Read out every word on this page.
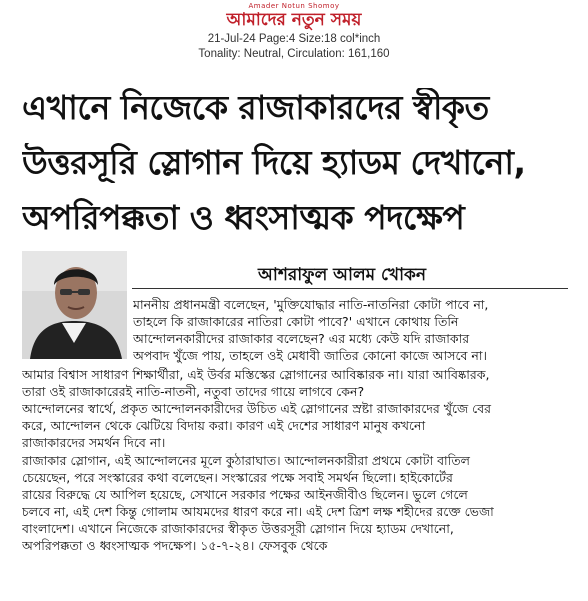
Amader Notun Shomoy
আমাদের নতুন সময়
21-Jul-24 Page:4 Size:18 col*inch
Tonality: Neutral, Circulation: 161,160
এখানে নিজেকে রাজাকারদের স্বীকৃত
উত্তরসূরি স্লোগান দিয়ে হ্যাডম দেখানো,
অপরিপক্কতা ও ধ্বংসাত্মক পদক্ষেপ
আশরাফুল আলম খোকন
মাননীয় প্রধানমন্ত্রী বলেছেন, 'মুক্তিযোদ্ধার নাতি-নাতনিরা কোটা পাবে না,
তাহলে কি রাজাকারের নাতিরা কোটা পাবে?' এখানে কোথায় তিনি
আন্দোলনকারীদের রাজাকার বলেছেন? এর মধ্যে কেউ যদি রাজাকার
অপবাদ খুঁজে পায়, তাহলে ওই মেধাবী জাতির কোনো কাজে আসবে না।
আমার বিশ্বাস সাধারণ শিক্ষার্থীরা, এই উর্বর মস্তিস্কের স্লোগানের আবিষ্কারক না। যারা আবিষ্কারক,
তারা ওই রাজাকারেরই নাতি-নাতনী, নতুবা তাদের গায়ে লাগবে কেন?
আন্দোলনের স্বার্থে, প্রকৃত আন্দোলনকারীদের উচিত এই স্লোগানের স্রষ্টা রাজাকারদের খুঁজে বের
করে, আন্দোলন থেকে ঝেটিয়ে বিদায় করা। কারণ এই দেশের সাধারণ মানুষ কখনো
রাজাকারদের সমর্থন দিবে না।
রাজাকার স্লোগান, এই আন্দোলনের মূলে কুঠারাঘাত। আন্দোলনকারীরা প্রথমে কোটা বাতিল
চেয়েছেন, পরে সংস্কারের কথা বলেছেন। সংস্কারের পক্ষে সবাই সমর্থন ছিলো। হাইকোর্টের
রায়ের বিরুদ্ধে যে আপিল হয়েছে, সেখানে সরকার পক্ষের আইনজীবীও ছিলেন। ভুলে গেলে
চলবে না, এই দেশ কিন্তু গোলাম আযমদের ধারণ করে না। এই দেশ ত্রিশ লক্ষ শহীদের রক্তে ভেজা
বাংলাদেশ। এখানে নিজেকে রাজাকারদের স্বীকৃত উত্তরসূরী স্লোগান দিয়ে হ্যাডম দেখানো,
অপরিপক্কতা ও ধ্বংসাত্মক পদক্ষেপ। ১৫-৭-২৪। ফেসবুক থেকে
